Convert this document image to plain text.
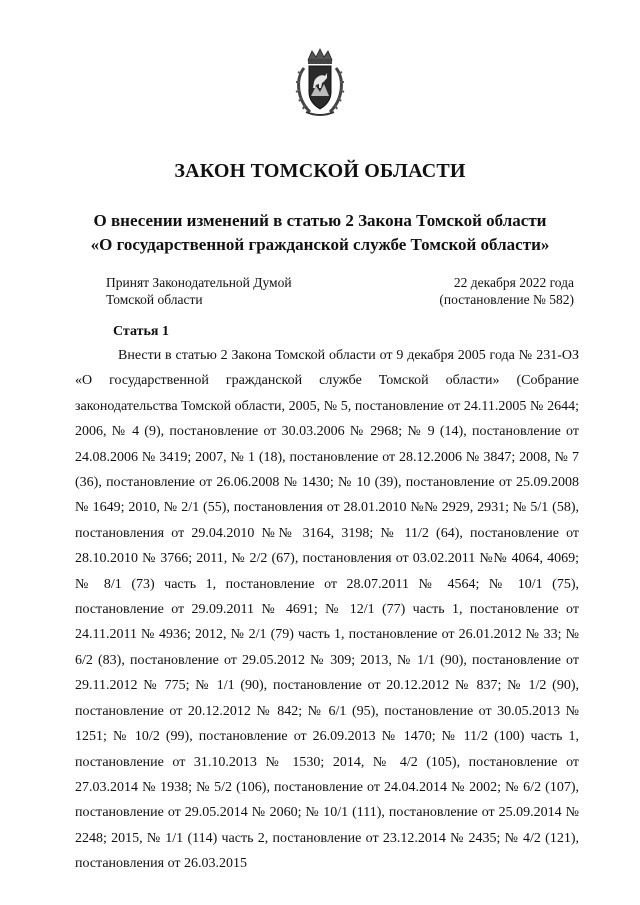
ЗАКОН ТОМСКОЙ ОБЛАСТИ
О внесении изменений в статью 2 Закона Томской области
«О государственной гражданской службе Томской области»
Принят Законодательной Думой
Томской области
22 декабря 2022 года
(постановление № 582)
Статья 1

Внести в статью 2 Закона Томской области от 9 декабря 2005 года № 231-ОЗ «О государственной гражданской службе Томской области» (Собрание законодательства Томской области, 2005, № 5, постановление от 24.11.2005 № 2644; 2006, № 4 (9), постановление от 30.03.2006 № 2968; № 9 (14), постановление от 24.08.2006 № 3419; 2007, № 1 (18), постановление от 28.12.2006 № 3847; 2008, № 7 (36), постановление от 26.06.2008 № 1430; № 10 (39), постановление от 25.09.2008 № 1649; 2010, № 2/1 (55), постановления от 28.01.2010 №№ 2929, 2931; № 5/1 (58), постановления от 29.04.2010 №№ 3164, 3198; № 11/2 (64), постановление от 28.10.2010 № 3766; 2011, № 2/2 (67), постановления от 03.02.2011 №№ 4064, 4069; № 8/1 (73) часть 1, постановление от 28.07.2011 № 4564; № 10/1 (75), постановление от 29.09.2011 № 4691; № 12/1 (77) часть 1, постановление от 24.11.2011 № 4936; 2012, № 2/1 (79) часть 1, постановление от 26.01.2012 № 33; № 6/2 (83), постановление от 29.05.2012 № 309; 2013, № 1/1 (90), постановление от 29.11.2012 № 775; № 1/1 (90), постановление от 20.12.2012 № 837; № 1/2 (90), постановление от 20.12.2012 № 842; № 6/1 (95), постановление от 30.05.2013 № 1251; № 10/2 (99), постановление от 26.09.2013 № 1470; № 11/2 (100) часть 1, постановление от 31.10.2013 № 1530; 2014, № 4/2 (105), постановление от 27.03.2014 № 1938; № 5/2 (106), постановление от 24.04.2014 № 2002; № 6/2 (107), постановление от 29.05.2014 № 2060; № 10/1 (111), постановление от 25.09.2014 № 2248; 2015, № 1/1 (114) часть 2, постановление от 23.12.2014 № 2435; № 4/2 (121), постановления от 26.03.2015
